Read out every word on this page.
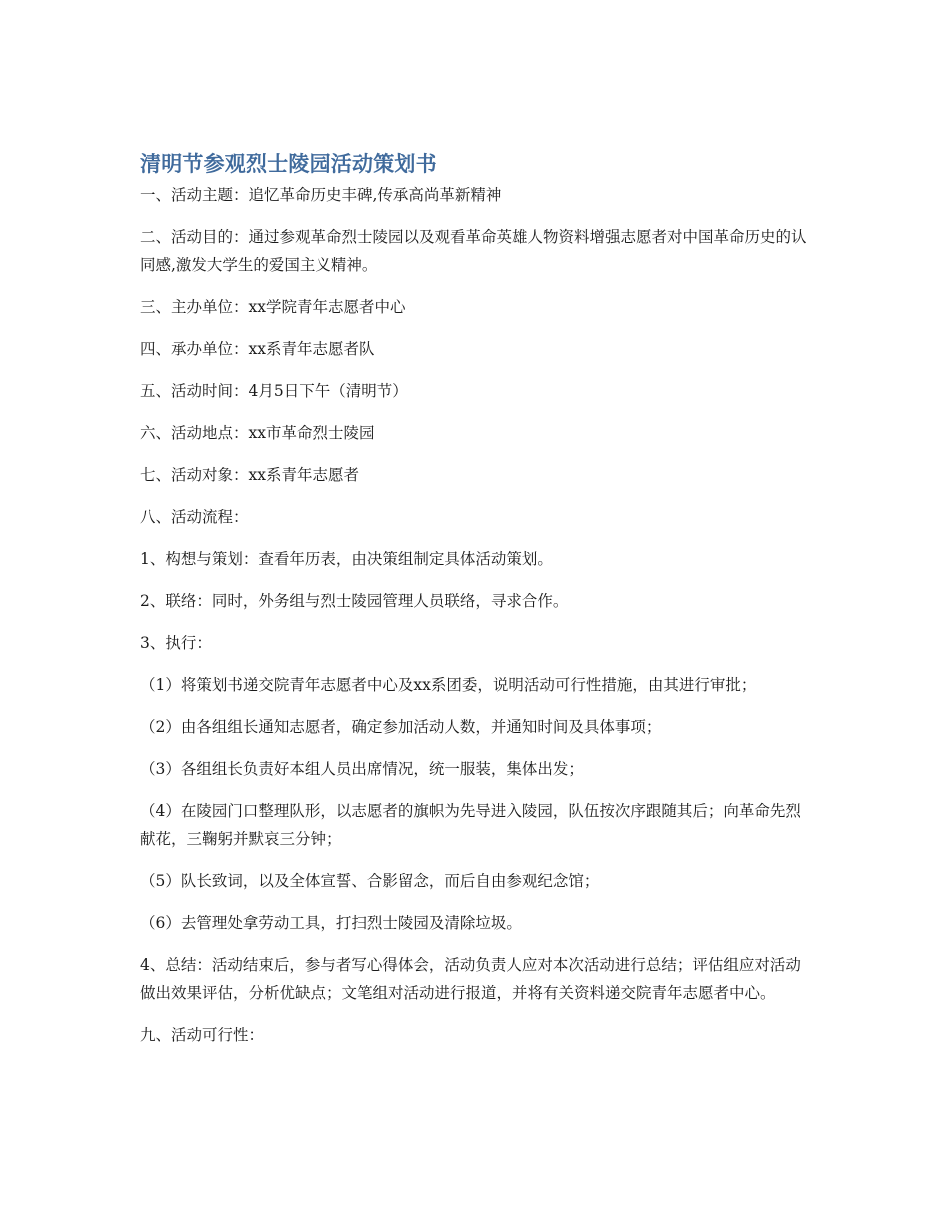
清明节参观烈士陵园活动策划书

一、活动主题：追忆革命历史丰碑,传承高尚革新精神

二、活动目的：通过参观革命烈士陵园以及观看革命英雄人物资料增强志愿者对中国革命历史的认同感,激发大学生的爱国主义精神。

三、主办单位：xx学院青年志愿者中心

四、承办单位：xx系青年志愿者队

五、活动时间：4月5日下午（清明节）

六、活动地点：xx市革命烈士陵园

七、活动对象：xx系青年志愿者

八、活动流程：

1、构想与策划：查看年历表，由决策组制定具体活动策划。

2、联络：同时，外务组与烈士陵园管理人员联络，寻求合作。

3、执行：

（1）将策划书递交院青年志愿者中心及xx系团委，说明活动可行性措施，由其进行审批；

（2）由各组组长通知志愿者，确定参加活动人数，并通知时间及具体事项；

（3）各组组长负责好本组人员出席情况，统一服装，集体出发；

（4）在陵园门口整理队形，以志愿者的旗帜为先导进入陵园，队伍按次序跟随其后；向革命先烈献花，三鞠躬并默哀三分钟；

（5）队长致词，以及全体宣誓、合影留念，而后自由参观纪念馆；

（6）去管理处拿劳动工具，打扫烈士陵园及清除垃圾。

4、总结：活动结束后，参与者写心得体会，活动负责人应对本次活动进行总结；评估组应对活动做出效果评估，分析优缺点；文笔组对活动进行报道，并将有关资料递交院青年志愿者中心。

九、活动可行性：
